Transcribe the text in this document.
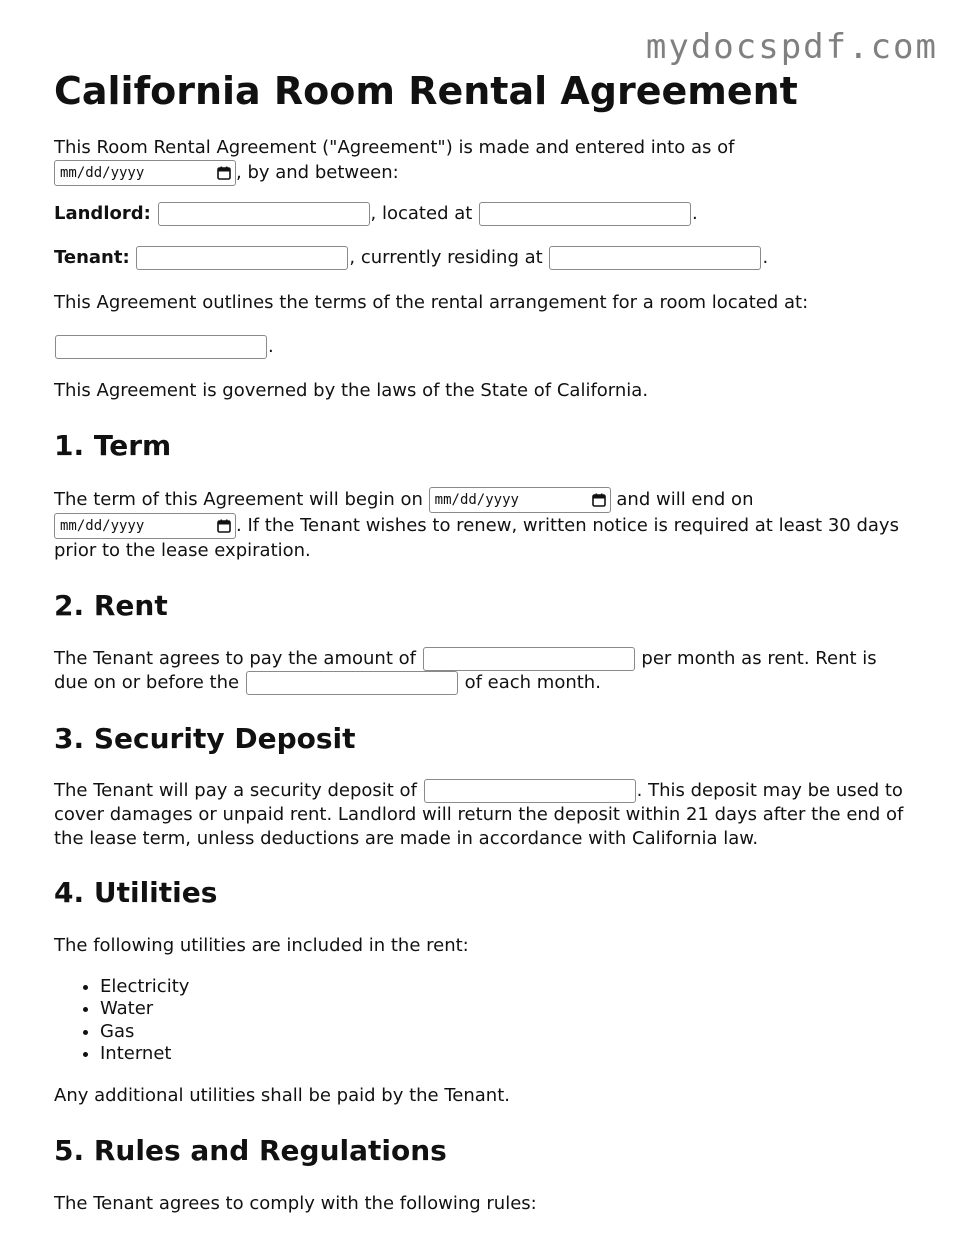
mydocspdf.com
California Room Rental Agreement

This Room Rental Agreement ("Agreement") is made and entered into as of

mm/dd/yyyy	, by and between:

Landlord:	, located at	.

Tenant:	, currently residing at	.

This Agreement outlines the terms of the rental arrangement for a room located at:

.

This Agreement is governed by the laws of the State of California.

1. Term

The term of this Agreement will begin on mm/dd/yyyy	and will end on

mm/dd/yyyy	. If the Tenant wishes to renew, written notice is required at least 30 days prior to the lease expiration.

2. Rent

The Tenant agrees to pay the amount of	per month as rent. Rent is due on or before the	of each month.

3. Security Deposit

The Tenant will pay a security deposit of	. This deposit may be used to cover damages or unpaid rent. Landlord will return the deposit within 21 days after the end of the lease term, unless deductions are made in accordance with California law.

4. Utilities

The following utilities are included in the rent:

• Electricity
• Water
• Gas
• Internet

Any additional utilities shall be paid by the Tenant.

5. Rules and Regulations

The Tenant agrees to comply with the following rules:
